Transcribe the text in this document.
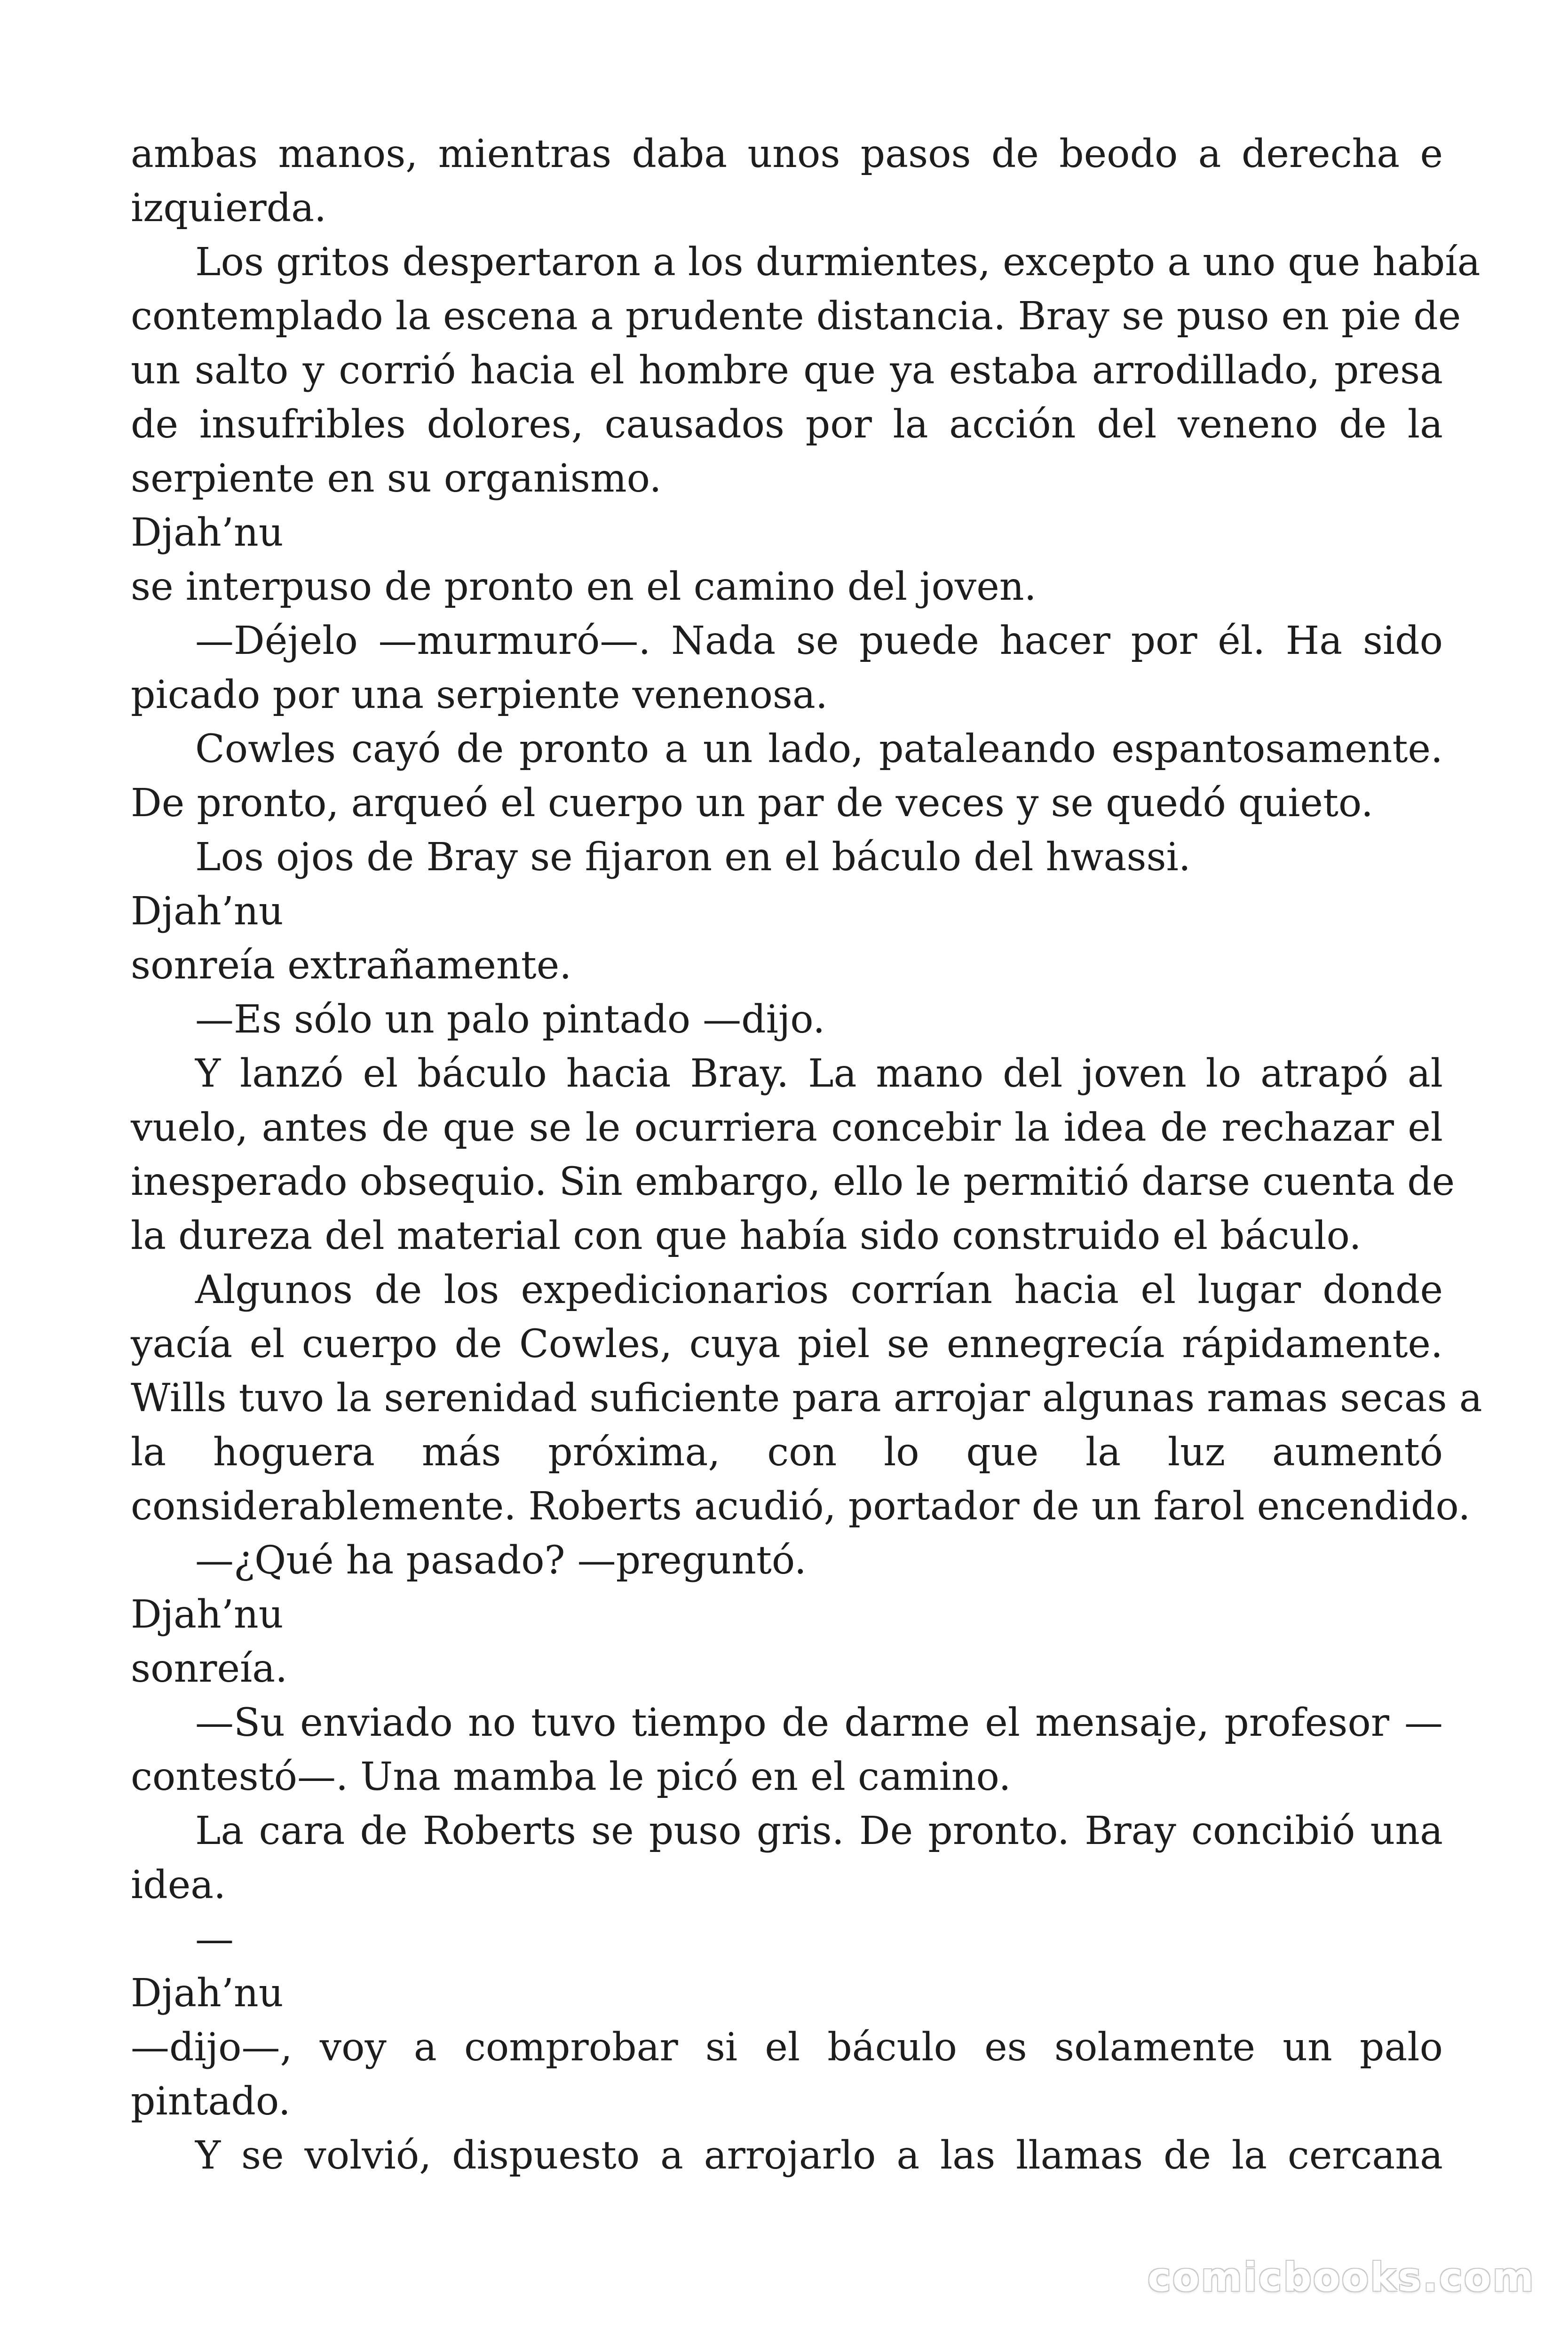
ambas manos, mientras daba unos pasos de beodo a derecha e
izquierda.
Los gritos despertaron a los durmientes, excepto a uno que había
contemplado la escena a prudente distancia. Bray se puso en pie de
un salto y corrió hacia el hombre que ya estaba arrodillado, presa
de insufribles dolores, causados por la acción del veneno de la
serpiente en su organismo.
Djah’nu
se interpuso de pronto en el camino del joven.
—Déjelo —murmuró—. Nada se puede hacer por él. Ha sido
picado por una serpiente venenosa.
Cowles cayó de pronto a un lado, pataleando espantosamente.
De pronto, arqueó el cuerpo un par de veces y se quedó quieto.
Los ojos de Bray se fijaron en el báculo del hwassi.
Djah’nu
sonreía extrañamente.
—Es sólo un palo pintado —dijo.
Y lanzó el báculo hacia Bray. La mano del joven lo atrapó al
vuelo, antes de que se le ocurriera concebir la idea de rechazar el
inesperado obsequio. Sin embargo, ello le permitió darse cuenta de
la dureza del material con que había sido construido el báculo.
Algunos de los expedicionarios corrían hacia el lugar donde
yacía el cuerpo de Cowles, cuya piel se ennegrecía rápidamente.
Wills tuvo la serenidad suficiente para arrojar algunas ramas secas a
la hoguera más próxima, con lo que la luz aumentó
considerablemente. Roberts acudió, portador de un farol encendido.
—¿Qué ha pasado? —preguntó.
Djah’nu
sonreía.
—Su enviado no tuvo tiempo de darme el mensaje, profesor —
contestó—. Una mamba le picó en el camino.
La cara de Roberts se puso gris. De pronto. Bray concibió una
idea.
—
Djah’nu
—dijo—, voy a comprobar si el báculo es solamente un palo
pintado.
Y se volvió, dispuesto a arrojarlo a las llamas de la cercana
comicbooks.com
